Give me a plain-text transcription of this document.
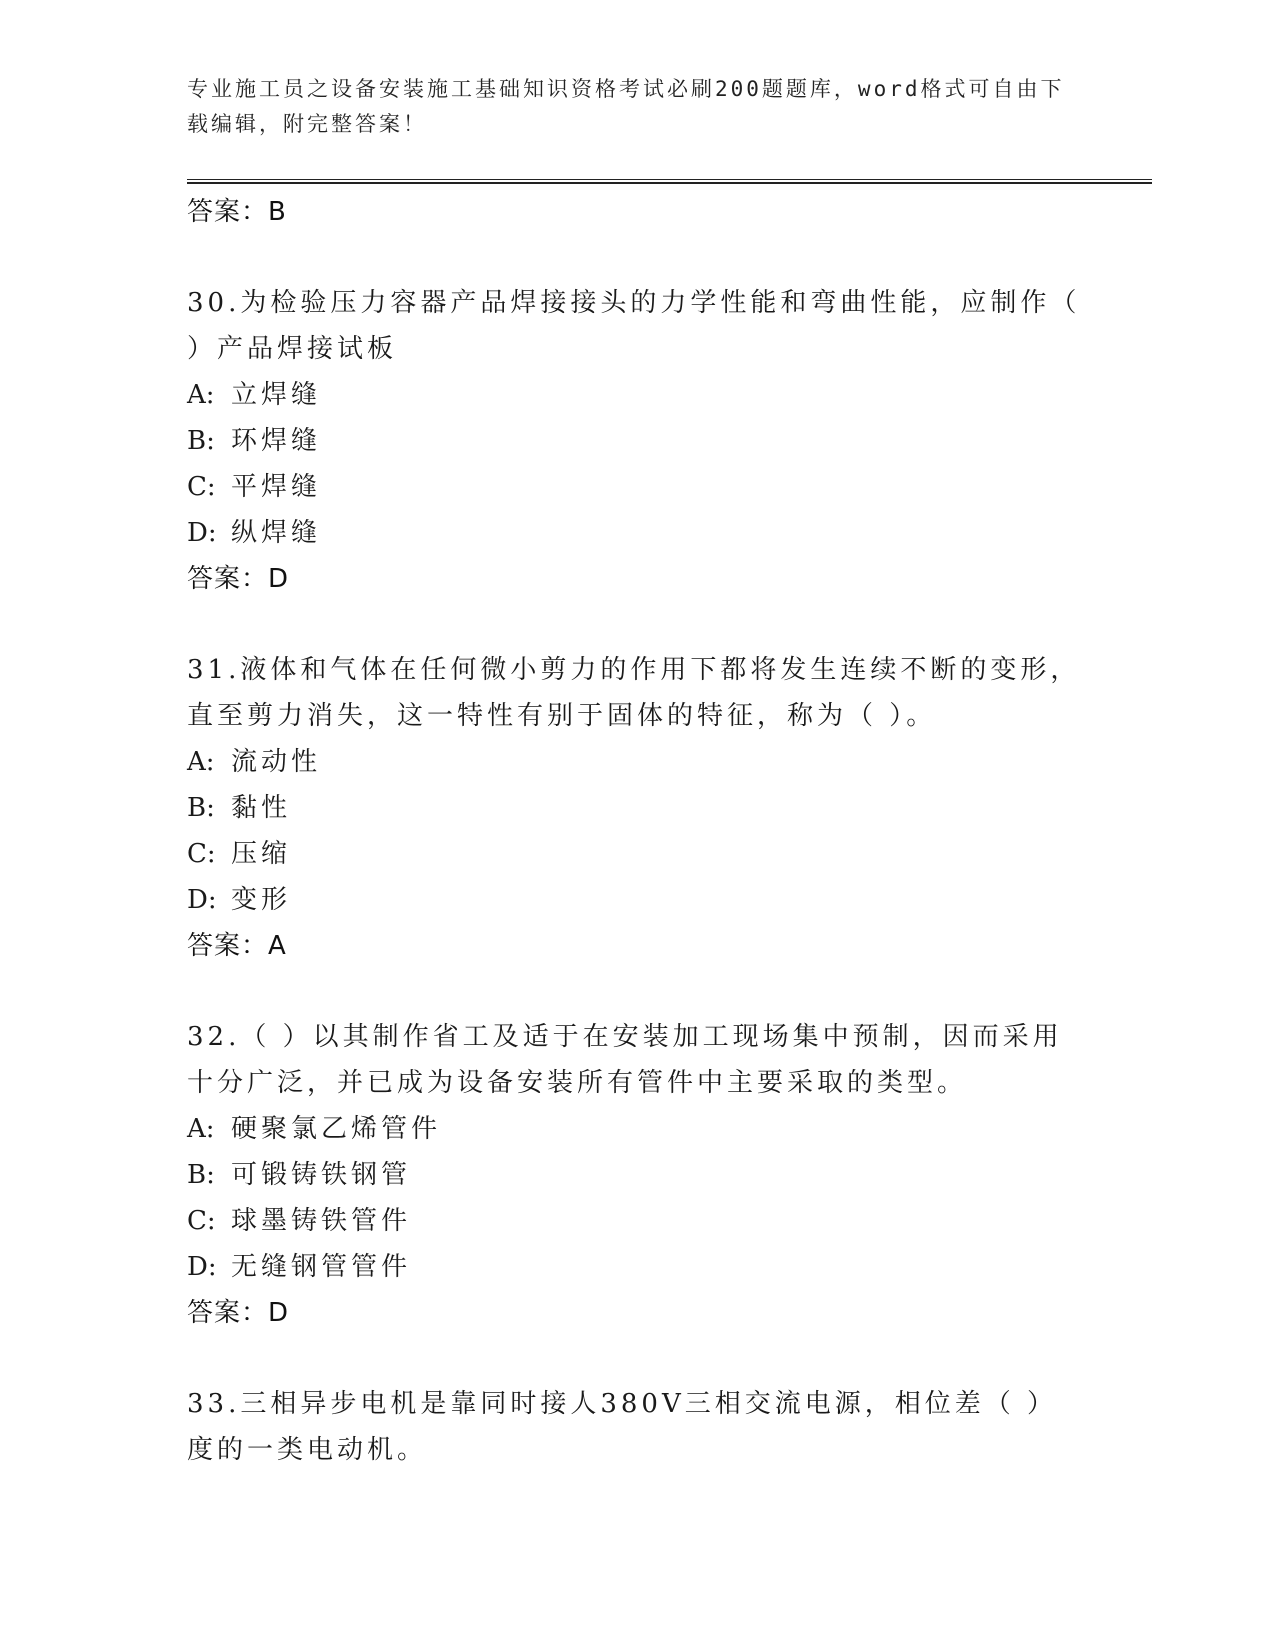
专业施工员之设备安装施工基础知识资格考试必刷200题题库，word格式可自由下载编辑，附完整答案！
答案：B
30.为检验压力容器产品焊接接头的力学性能和弯曲性能，应制作（ ）产品焊接试板
A: 立焊缝
B: 环焊缝
C: 平焊缝
D: 纵焊缝
答案：D
31.液体和气体在任何微小剪力的作用下都将发生连续不断的变形，直至剪力消失，这一特性有别于固体的特征，称为（ ）。
A: 流动性
B: 黏性
C: 压缩
D: 变形
答案：A
32.（ ）以其制作省工及适于在安装加工现场集中预制，因而采用十分广泛，并已成为设备安装所有管件中主要采取的类型。
A: 硬聚氯乙烯管件
B: 可锻铸铁钢管
C: 球墨铸铁管件
D: 无缝钢管管件
答案：D
33.三相异步电机是靠同时接人380V三相交流电源，相位差（ ）度的一类电动机。
